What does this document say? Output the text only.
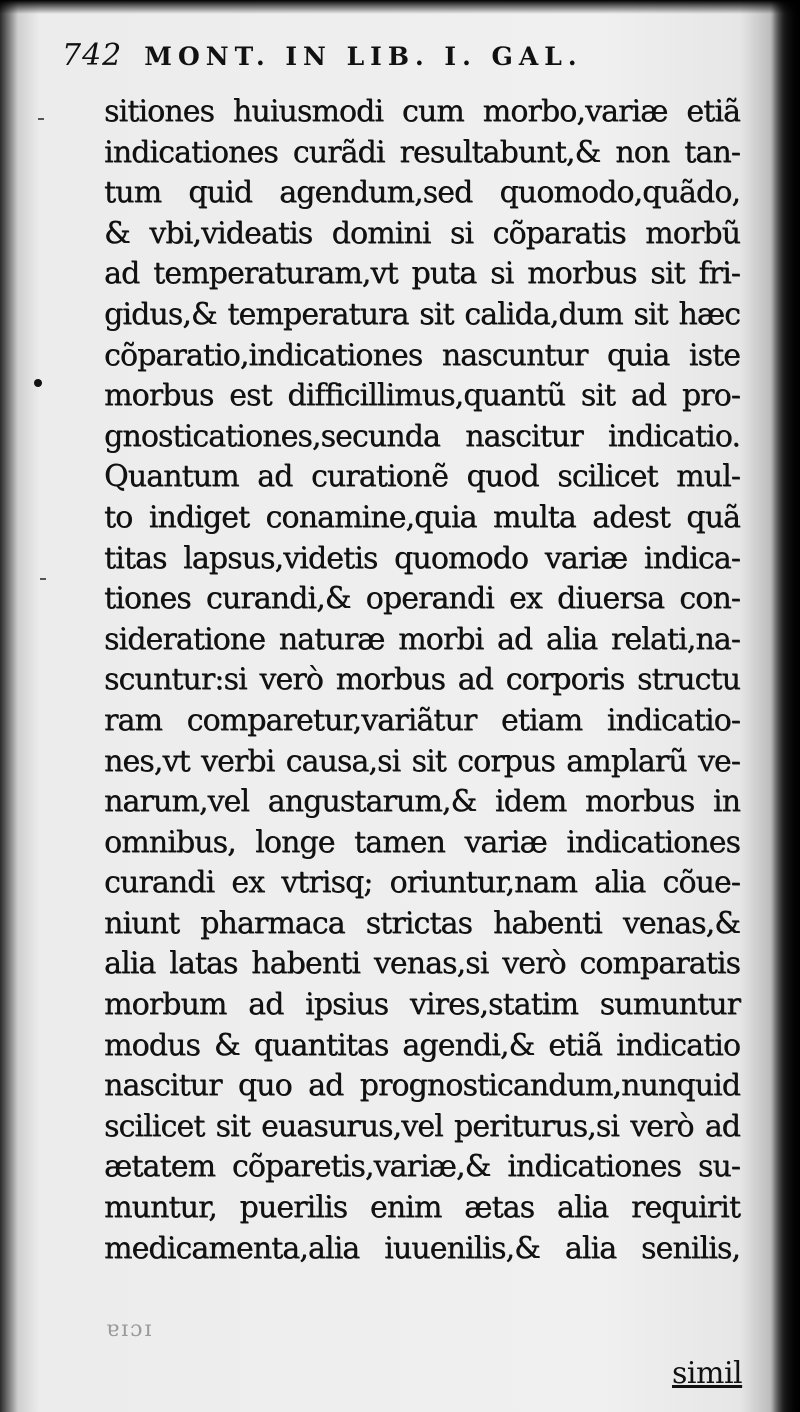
742 MONT. IN LIB. I. GAL.
sitiones huiusmodi cum morbo,variæ etiã
indicationes curãdi resultabunt,& non tan-
tum quid agendum,sed quomodo,quãdo,
& vbi,videatis domini si cõparatis morbũ
ad temperaturam,vt puta si morbus sit fri-
gidus,& temperatura sit calida,dum sit hæc
cõparatio,indicationes nascuntur quia iste
morbus est difficillimus,quantũ sit ad pro-
gnosticationes,secunda nascitur indicatio.
Quantum ad curationẽ quod scilicet mul-
to indiget conamine,quia multa adest quã
titas lapsus,videtis quomodo variæ indica-
tiones curandi,& operandi ex diuersa con-
sideratione naturæ morbi ad alia relati,na-
scuntur:si verò morbus ad corporis structu
ram comparetur,variãtur etiam indicatio-
nes,vt verbi causa,si sit corpus amplarũ ve-
narum,vel angustarum,& idem morbus in
omnibus, longe tamen variæ indicationes
curandi ex vtrisq; oriuntur,nam alia cõue-
niunt pharmaca strictas habenti venas,&
alia latas habenti venas,si verò comparatis
morbum ad ipsius vires,statim sumuntur
modus & quantitas agendi,& etiã indicatio
nascitur quo ad prognosticandum,nunquid
scilicet sit euasurus,vel periturus,si verò ad
ætatem cõparetis,variæ,& indicationes su-
muntur, puerilis enim ætas alia requirit
medicamenta,alia iuuenilis,& alia senilis,
ɐɪɔɪ
simil
